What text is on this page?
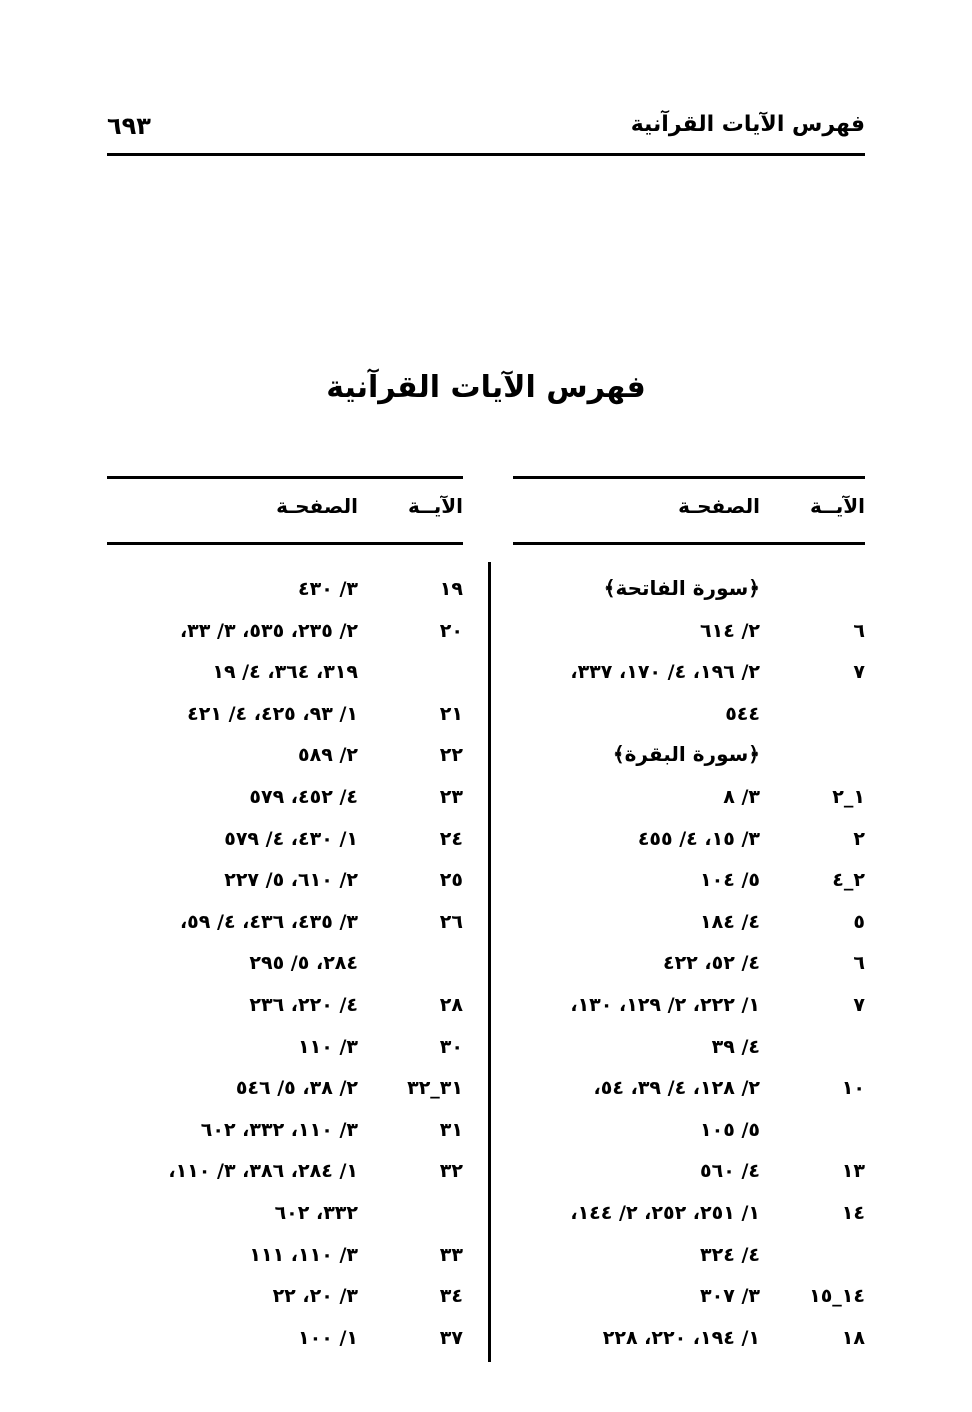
فهرس الآيات القرآنية
٦٩٣
فهرس الآيات القرآنية
الآيــة
الصفحـة
﴿سورة الفاتحة﴾
٦
٢/ ٦١٤
٧
٢/ ١٩٦، ٤/ ١٧٠، ٣٣٧،
٥٤٤
﴿سورة البقرة﴾
١_٢
٣/ ٨
٢
٣/ ١٥، ٤/ ٤٥٥
٢_٤
٥/ ١٠٤
٥
٤/ ١٨٤
٦
٤/ ٥٢، ٤٢٢
٧
١/ ٢٢٢، ٢/ ١٢٩، ١٣٠،
٤/ ٣٩
١٠
٢/ ١٢٨، ٤/ ٣٩، ٥٤،
٥/ ١٠٥
١٣
٤/ ٥٦٠
١٤
١/ ٢٥١، ٢٥٢، ٢/ ١٤٤،
٤/ ٣٢٤
١٤_١٥
٣/ ٣٠٧
١٨
١/ ١٩٤، ٢٢٠، ٢٢٨
الآيــة
الصفحـة
١٩
٣/ ٤٣٠
٢٠
٢/ ٢٣٥، ٥٣٥، ٣/ ٣٣،
٣١٩، ٣٦٤، ٤/ ١٩
٢١
١/ ٩٣، ٤٢٥، ٤/ ٤٢١
٢٢
٢/ ٥٨٩
٢٣
٤/ ٤٥٢، ٥٧٩
٢٤
١/ ٤٣٠، ٤/ ٥٧٩
٢٥
٢/ ٦١٠، ٥/ ٢٢٧
٢٦
٣/ ٤٣٥، ٤٣٦، ٤/ ٥٩،
٢٨٤، ٥/ ٢٩٥
٢٨
٤/ ٢٢٠، ٢٣٦
٣٠
٣/ ١١٠
٣١_٣٢
٢/ ٣٨، ٥/ ٥٤٦
٣١
٣/ ١١٠، ٣٣٢، ٦٠٢
٣٢
١/ ٢٨٤، ٣٨٦، ٣/ ١١٠،
٣٣٢، ٦٠٢
٣٣
٣/ ١١٠، ١١١
٣٤
٣/ ٢٠، ٢٢
٣٧
١/ ١٠٠
